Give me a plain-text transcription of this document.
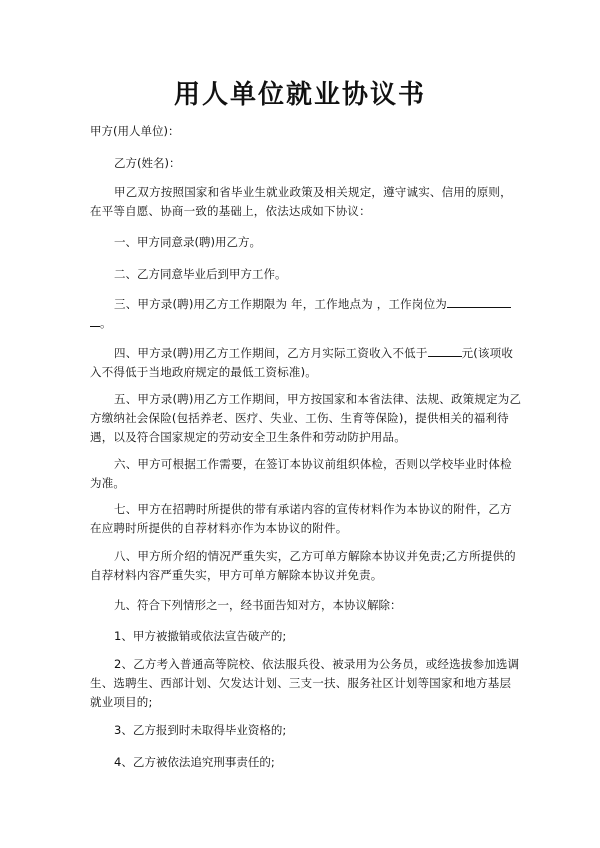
用人单位就业协议书
甲方(用人单位)：
乙方(姓名)：
甲乙双方按照国家和省毕业生就业政策及相关规定，遵守诚实、信用的原则，在平等自愿、协商一致的基础上，依法达成如下协议：
一、甲方同意录(聘)用乙方。
二、乙方同意毕业后到甲方工作。
三、甲方录(聘)用乙方工作期限为 年，工作地点为 ，工作岗位为
。
四、甲方录(聘)用乙方工作期间，乙方月实际工资收入不低于	元(该项收入不得低于当地政府规定的最低工资标准)。
五、甲方录(聘)用乙方工作期间，甲方按国家和本省法律、法规、政策规定为乙方缴纳社会保险(包括养老、医疗、失业、工伤、生育等保险)，提供相关的福利待遇，以及符合国家规定的劳动安全卫生条件和劳动防护用品。
六、甲方可根据工作需要，在签订本协议前组织体检，否则以学校毕业时体检为准。
七、甲方在招聘时所提供的带有承诺内容的宣传材料作为本协议的附件，乙方在应聘时所提供的自荐材料亦作为本协议的附件。
八、甲方所介绍的情况严重失实，乙方可单方解除本协议并免责;乙方所提供的自荐材料内容严重失实，甲方可单方解除本协议并免责。
九、符合下列情形之一，经书面告知对方，本协议解除：
1、甲方被撤销或依法宣告破产的;
2、乙方考入普通高等院校、依法服兵役、被录用为公务员，或经选拔参加选调生、选聘生、西部计划、欠发达计划、三支一扶、服务社区计划等国家和地方基层就业项目的;
3、乙方报到时未取得毕业资格的;
4、乙方被依法追究刑事责任的;
